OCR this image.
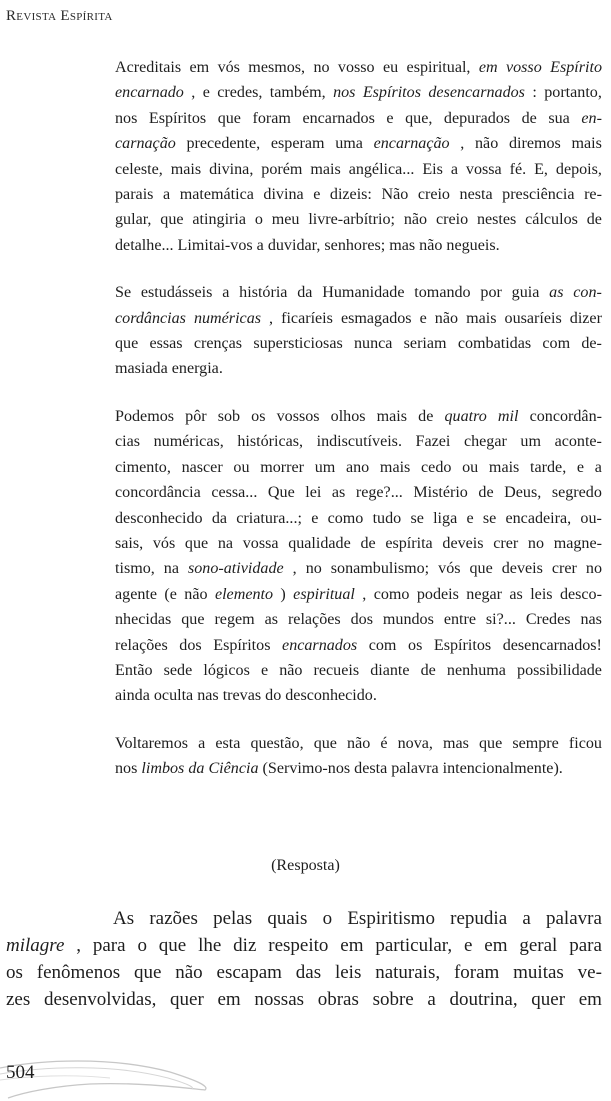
Revista Espírita
Acreditais em vós mesmos, no vosso eu espiritual, em vosso Espírito
encarnado , e credes, também, nos Espíritos desencarnados : portanto,
nos Espíritos que foram encarnados e que, depurados de sua en-
carnação precedente, esperam uma encarnação , não diremos mais
celeste, mais divina, porém mais angélica... Eis a vossa fé. E, depois,
parais a matemática divina e dizeis: Não creio nesta presciência re-
gular, que atingiria o meu livre-arbítrio; não creio nestes cálculos de
detalhe... Limitai-vos a duvidar, senhores; mas não negueis.
Se estudásseis a história da Humanidade tomando por guia as con-
cordâncias numéricas , ficaríeis esmagados e não mais ousaríeis dizer
que essas crenças supersticiosas nunca seriam combatidas com de-
masiada energia.
Podemos pôr sob os vossos olhos mais de quatro mil concordân-
cias numéricas, históricas, indiscutíveis. Fazei chegar um aconte-
cimento, nascer ou morrer um ano mais cedo ou mais tarde, e a
concordância cessa... Que lei as rege?... Mistério de Deus, segredo
desconhecido da criatura...; e como tudo se liga e se encadeira, ou-
sais, vós que na vossa qualidade de espírita deveis crer no magne-
tismo, na sono-atividade , no sonambulismo; vós que deveis crer no
agente (e não elemento ) espiritual , como podeis negar as leis desco-
nhecidas que regem as relações dos mundos entre si?... Credes nas
relações dos Espíritos encarnados com os Espíritos desencarnados!
Então sede lógicos e não recueis diante de nenhuma possibilidade
ainda oculta nas trevas do desconhecido.
Voltaremos a esta questão, que não é nova, mas que sempre ficou
nos limbos da Ciência (Servimo-nos desta palavra intencionalmente).
(Resposta)
As razões pelas quais o Espiritismo repudia a palavra
milagre , para o que lhe diz respeito em particular, e em geral para
os fenômenos que não escapam das leis naturais, foram muitas ve-
zes desenvolvidas, quer em nossas obras sobre a doutrina, quer em
504
